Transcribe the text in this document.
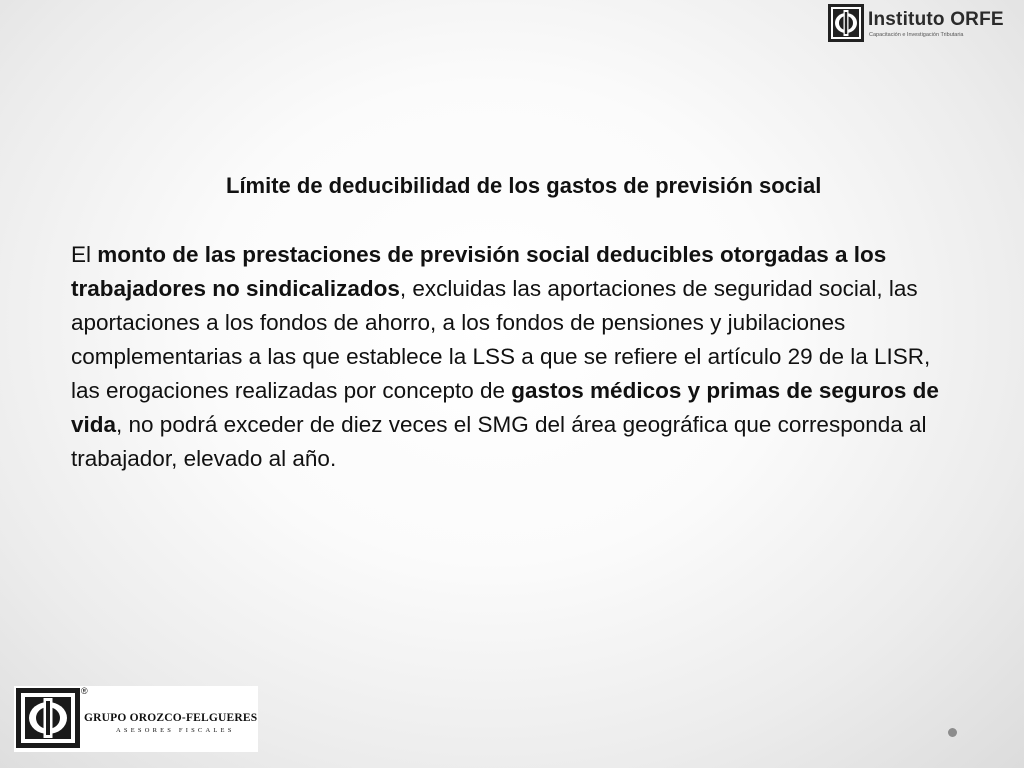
Instituto ORFE
Capacitación e Investigación Tributaria
Límite de deducibilidad de los gastos de previsión social

El monto de las prestaciones de previsión social deducibles otorgadas a los trabajadores no sindicalizados, excluidas las aportaciones de seguridad social, las aportaciones a los fondos de ahorro, a los fondos de pensiones y jubilaciones complementarias a las que establece la LSS a que se refiere el artículo 29 de la LISR, las erogaciones realizadas por concepto de gastos médicos y primas de seguros de vida, no podrá exceder de diez veces el SMG del área geográfica que corresponda al trabajador, elevado al año.

®
GRUPO OROZCO-FELGUERES
ASESORES FISCALES
